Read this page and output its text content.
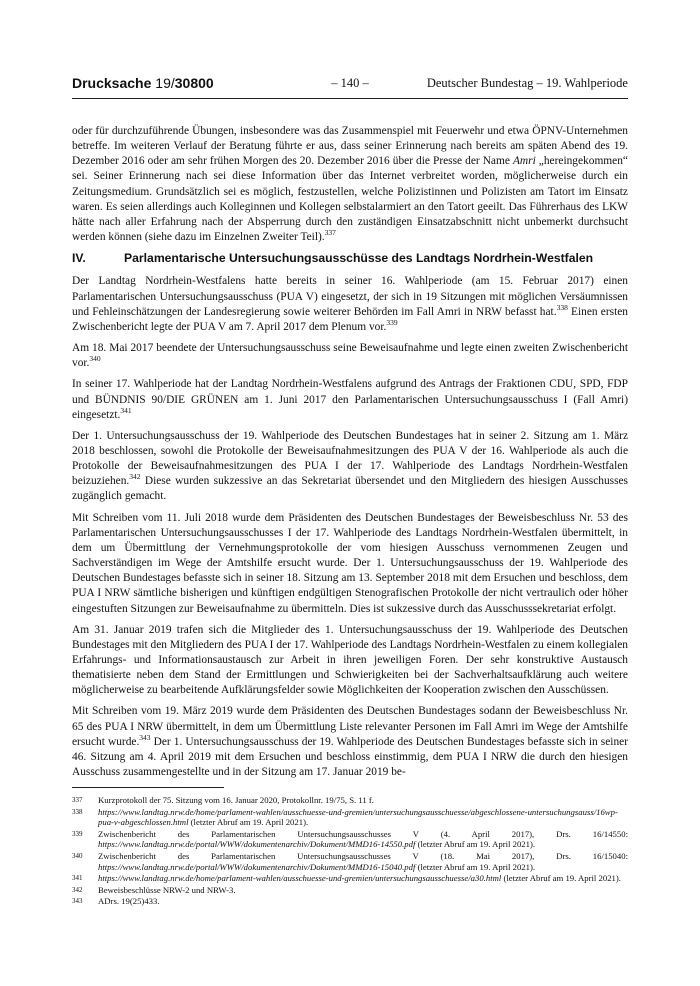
Drucksache 19/30800	– 140 –	Deutscher Bundestag – 19. Wahlperiode

oder für durchzuführende Übungen, insbesondere was das Zusammenspiel mit Feuerwehr und etwa ÖPNV-Unternehmen betreffe. Im weiteren Verlauf der Beratung führte er aus, dass seiner Erinnerung nach bereits am späten Abend des 19. Dezember 2016 oder am sehr frühen Morgen des 20. Dezember 2016 über die Presse der Name Amri „hereingekommen“ sei. Seiner Erinnerung nach sei diese Information über das Internet verbreitet worden, möglicherweise durch ein Zeitungsmedium. Grundsätzlich sei es möglich, festzustellen, welche Polizistinnen und Polizisten am Tatort im Einsatz waren. Es seien allerdings auch Kolleginnen und Kollegen selbstalarmiert an den Tatort geeilt. Das Führerhaus des LKW hätte nach aller Erfahrung nach der Absperrung durch den zuständigen Einsatzabschnitt nicht unbemerkt durchsucht werden können (siehe dazu im Einzelnen Zweiter Teil).$^{337}$

IV.	Parlamentarische Untersuchungsausschüsse des Landtags Nordrhein-Westfalen

Der Landtag Nordrhein-Westfalens hatte bereits in seiner 16. Wahlperiode (am 15. Februar 2017) einen Parlamentarischen Untersuchungsausschuss (PUA V) eingesetzt, der sich in 19 Sitzungen mit möglichen Versäumnissen und Fehleinschätzungen der Landesregierung sowie weiterer Behörden im Fall Amri in NRW befasst hat.$^{338}$ Einen ersten Zwischenbericht legte der PUA V am 7. April 2017 dem Plenum vor.$^{339}$

Am 18. Mai 2017 beendete der Untersuchungsausschuss seine Beweisaufnahme und legte einen zweiten Zwischenbericht vor.$^{340}$

In seiner 17. Wahlperiode hat der Landtag Nordrhein-Westfalens aufgrund des Antrags der Fraktionen CDU, SPD, FDP und BÜNDNIS 90/DIE GRÜNEN am 1. Juni 2017 den Parlamentarischen Untersuchungsausschuss I (Fall Amri) eingesetzt.$^{341}$

Der 1. Untersuchungsausschuss der 19. Wahlperiode des Deutschen Bundestages hat in seiner 2. Sitzung am 1. März 2018 beschlossen, sowohl die Protokolle der Beweisaufnahmesitzungen des PUA V der 16. Wahlperiode als auch die Protokolle der Beweisaufnahmesitzungen des PUA I der 17. Wahlperiode des Landtags Nordrhein-Westfalen beizuziehen.$^{342}$ Diese wurden sukzessive an das Sekretariat übersendet und den Mitgliedern des hiesigen Ausschusses zugänglich gemacht.

Mit Schreiben vom 11. Juli 2018 wurde dem Präsidenten des Deutschen Bundestages der Beweisbeschluss Nr. 53 des Parlamentarischen Untersuchungsausschusses I der 17. Wahlperiode des Landtags Nordrhein-Westfalen übermittelt, in dem um Übermittlung der Vernehmungsprotokolle der vom hiesigen Ausschuss vernommenen Zeugen und Sachverständigen im Wege der Amtshilfe ersucht wurde. Der 1. Untersuchungsausschuss der 19. Wahlperiode des Deutschen Bundestages befasste sich in seiner 18. Sitzung am 13. September 2018 mit dem Ersuchen und beschloss, dem PUA I NRW sämtliche bisherigen und künftigen endgültigen Stenografischen Protokolle der nicht vertraulich oder höher eingestuften Sitzungen zur Beweisaufnahme zu übermitteln. Dies ist sukzessive durch das Ausschusssekretariat erfolgt.

Am 31. Januar 2019 trafen sich die Mitglieder des 1. Untersuchungsausschuss der 19. Wahlperiode des Deutschen Bundestages mit den Mitgliedern des PUA I der 17. Wahlperiode des Landtags Nordrhein-Westfalen zu einem kollegialen Erfahrungs- und Informationsaustausch zur Arbeit in ihren jeweiligen Foren. Der sehr konstruktive Austausch thematisierte neben dem Stand der Ermittlungen und Schwierigkeiten bei der Sachverhaltsaufklärung auch weitere möglicherweise zu bearbeitende Aufklärungsfelder sowie Möglichkeiten der Kooperation zwischen den Ausschüssen.

Mit Schreiben vom 19. März 2019 wurde dem Präsidenten des Deutschen Bundestages sodann der Beweisbeschluss Nr. 65 des PUA I NRW übermittelt, in dem um Übermittlung Liste relevanter Personen im Fall Amri im Wege der Amtshilfe ersucht wurde.$^{343}$ Der 1. Untersuchungsausschuss der 19. Wahlperiode des Deutschen Bundestages befasste sich in seiner 46. Sitzung am 4. April 2019 mit dem Ersuchen und beschloss einstimmig, dem PUA I NRW die durch den hiesigen Ausschuss zusammengestellte und in der Sitzung am 17. Januar 2019 be-

337	Kurzprotokoll der 75. Sitzung vom 16. Januar 2020, Protokollnr. 19/75, S. 11 f.
338	https://www.landtag.nrw.de/home/parlament-wahlen/ausschuesse-und-gremien/untersuchungsausschuesse/abgeschlossene-untersuchungsauss/16wp-pua-v-abgeschlossen.html (letzter Abruf am 19. April 2021).
339	Zwischenbericht des Parlamentarischen Untersuchungsausschusses V (4. April 2017), Drs. 16/14550: https://www.landtag.nrw.de/portal/WWW/dokumentenarchiv/Dokument/MMD16-14550.pdf (letzter Abruf am 19. April 2021).
340	Zwischenbericht des Parlamentarischen Untersuchungsausschusses V (18. Mai 2017), Drs. 16/15040: https://www.landtag.nrw.de/portal/WWW/dokumentenarchiv/Dokument/MMD16-15040.pdf (letzter Abruf am 19. April 2021).
341	https://www.landtag.nrw.de/home/parlament-wahlen/ausschuesse-und-gremien/untersuchungsausschuesse/a30.html (letzter Abruf am 19. April 2021).
342	Beweisbeschlüsse NRW-2 und NRW-3.
343	ADrs. 19(25)433.
